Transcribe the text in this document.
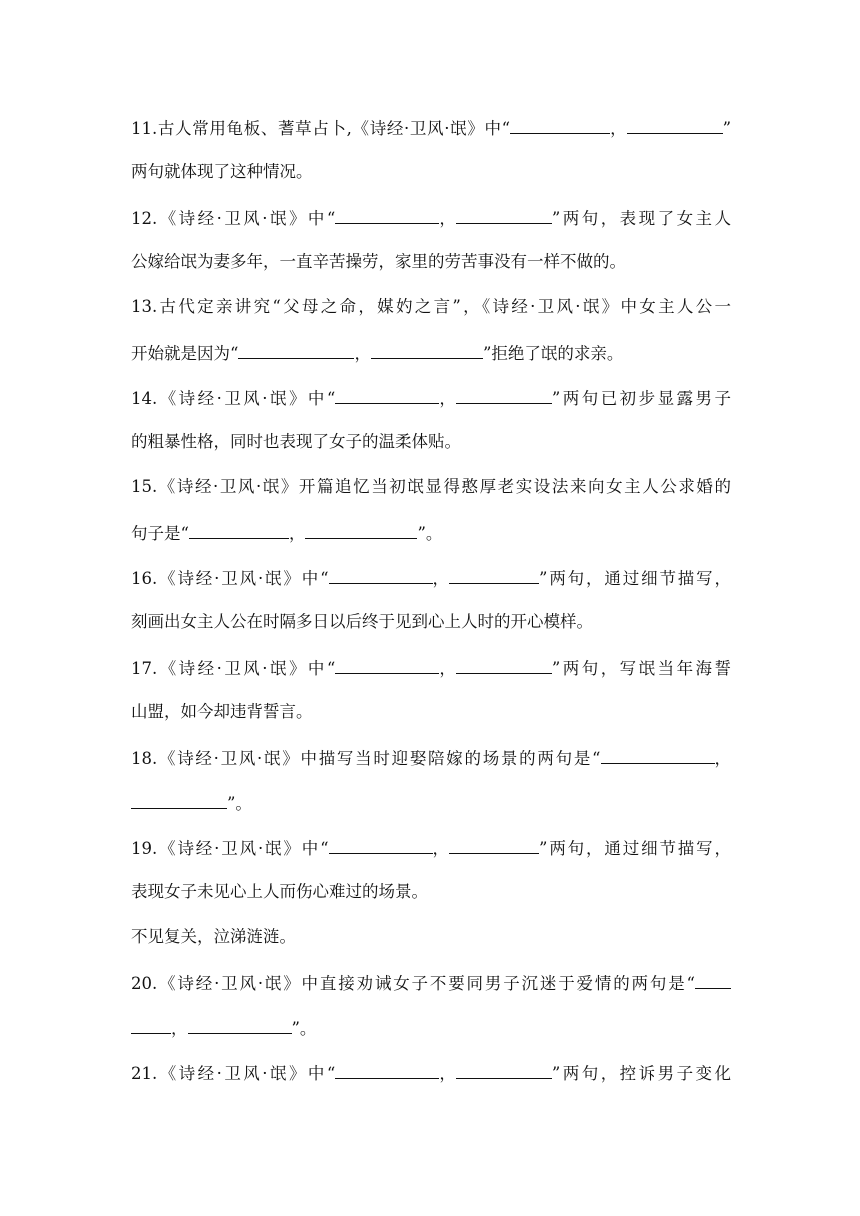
11.古人常用龟板、蓍草占卜,《诗经·卫风·氓》中“	，	”
两句就体现了这种情况。
12.《诗经·卫风·氓》中“	，	”两句，表现了女主人
公嫁给氓为妻多年，一直辛苦操劳，家里的劳苦事没有一样不做的。
13.古代定亲讲究“父母之命，媒妁之言”，《诗经·卫风·氓》中女主人公一
开始就是因为“	，	”拒绝了氓的求亲。
14.《诗经·卫风·氓》中“	，	”两句已初步显露男子
的粗暴性格，同时也表现了女子的温柔体贴。
15.《诗经·卫风·氓》开篇追忆当初氓显得憨厚老实设法来向女主人公求婚的
句子是“	，	”。
16.《诗经·卫风·氓》中“	，	”两句，通过细节描写，
刻画出女主人公在时隔多日以后终于见到心上人时的开心模样。
17.《诗经·卫风·氓》中“	，	”两句，写氓当年海誓
山盟，如今却违背誓言。
18.《诗经·卫风·氓》中描写当时迎娶陪嫁的场景的两句是“	，
”。
19.《诗经·卫风·氓》中“	，	”两句，通过细节描写，
表现女子未见心上人而伤心难过的场景。
不见复关，泣涕涟涟。
20.《诗经·卫风·氓》中直接劝诫女子不要同男子沉迷于爱情的两句是“
，	”。
21.《诗经·卫风·氓》中“	，	”两句，控诉男子变化
